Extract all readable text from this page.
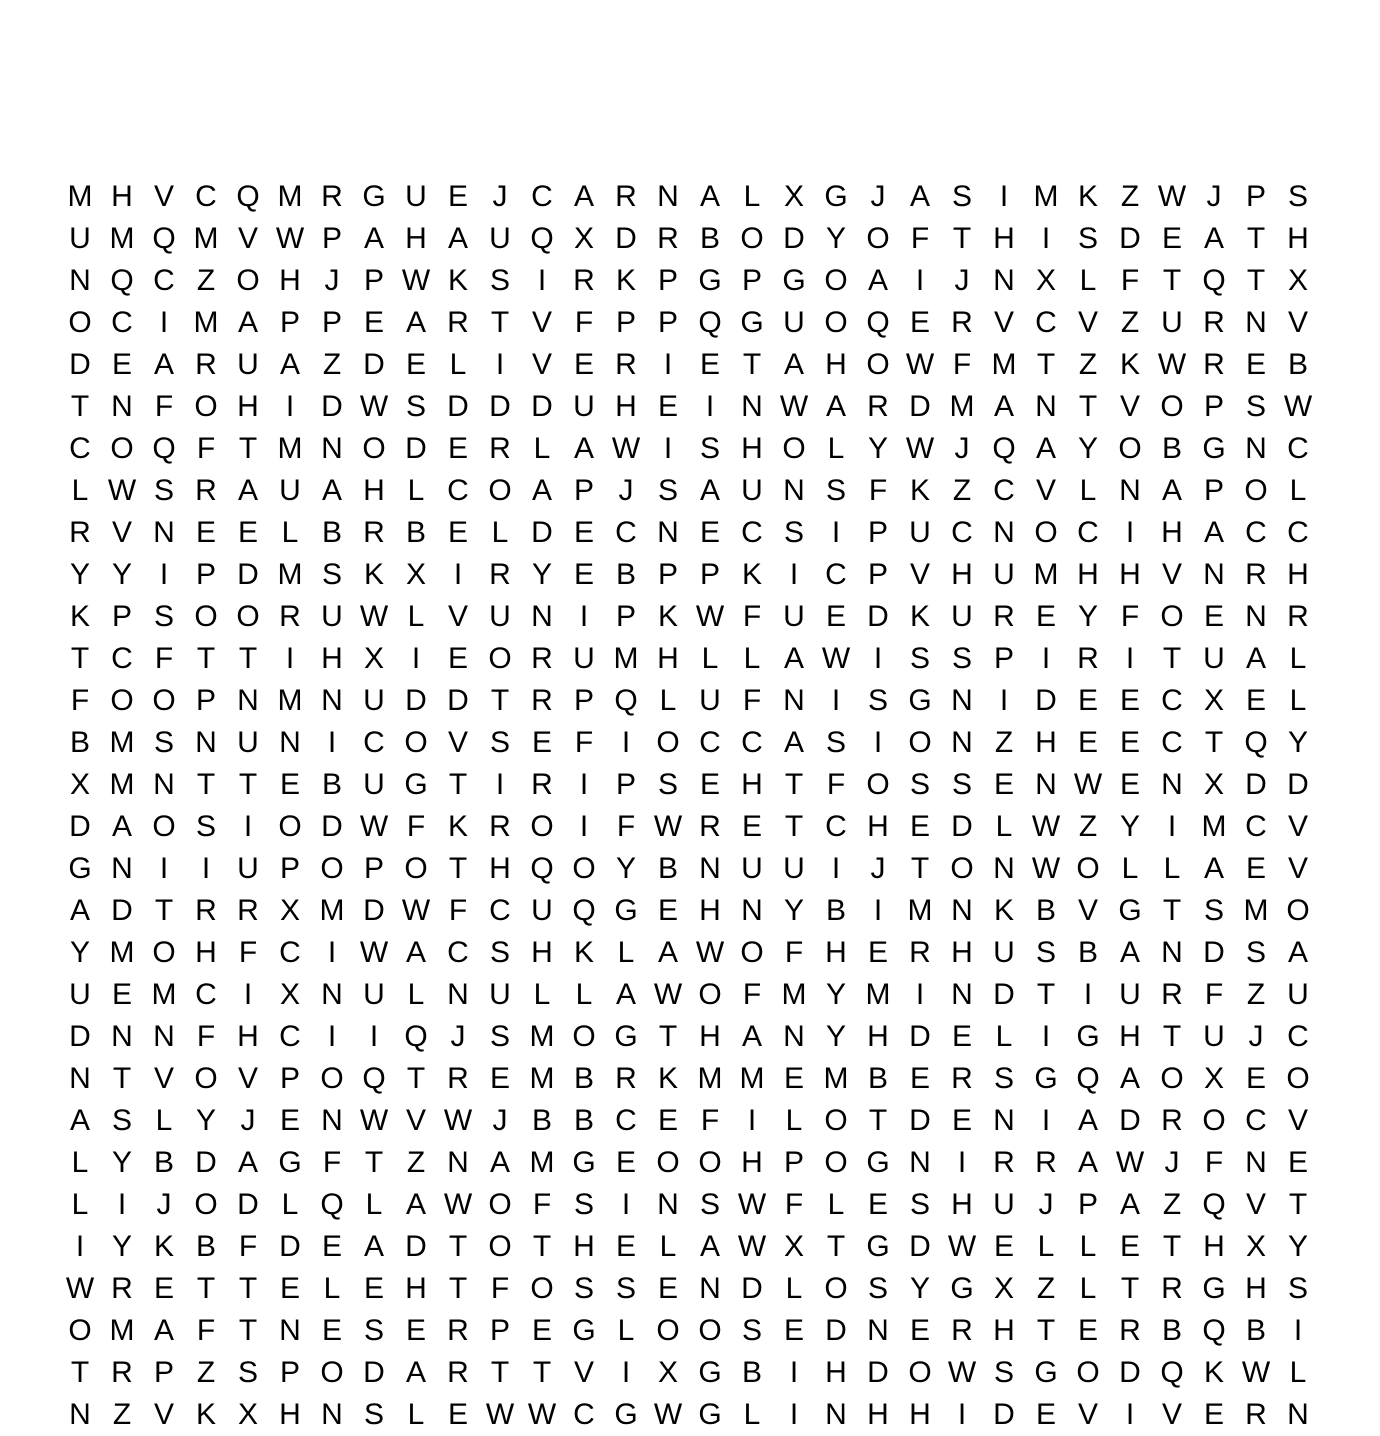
M H V C Q M R G U E J C A R N A L X G J A S I M K Z W J P S
U M Q M V W P A H A U Q X D R B O D Y O F T H I S D E A T H
N Q C Z O H J P W K S I R K P G P G O A I	J N X L F T Q T X
O C I M A P P E A R T V F P P Q G U O Q E R V C V Z U R N V
D E A R U A Z D E L I V E R I E T A H O W F M T Z K W R E B
T N F O H I D W S D D D U H E I N W A R D M A N T V O P S W
C O Q F T M N O D E R L A W I S H O L Y W J Q A Y O B G N C
L W S R A U A H L C O A P J S A U N S F K Z C V L N A P O L
R V N E E L B R B E L D E C N E C S I P U C N O C I H A C C
Y Y I P D M S K X I R Y E B P P K I C P V H U M H H V N R H
K P S O O R U W L V U N I P K W F U E D K U R E Y F O E N R
T C F T T I H X I E O R U M H L L A W I S S P I R I T U A L
F O O P N M N U D D T R P Q L U F N I S G N I D E E C X E L
B M S N U N I C O V S E F I O C C A S I O N Z H E E C T Q Y
X M N T T E B U G T I R I P S E H T F O S S E N W E N X D D
D A O S I O D W F K R O I F W R E T C H E D L W Z Y I M C V
G N I	I U P O P O T H Q O Y B N U U I	J T O N W O L L A E V
A D T R R X M D W F C U Q G E H N Y B I M N K B V G T S M O
Y M O H F C I W A C S H K L A W O F H E R H U S B A N D S A
U E M C I X N U L N U L L A W O F M Y M I N D T I U R F Z U
D N N F H C I	I Q J S M O G T H A N Y H D E L I G H T U J C
N T V O V P O Q T R E M B R K M M E M B E R S G Q A O X E O
A S L Y J E N W V W J B B C E F I L O T D E N I A D R O C V
L Y B D A G F T Z N A M G E O O H P O G N I R R A W J F N E
L I	J O D L Q L A W O F S I N S W F L E S H U J P A Z Q V T
I Y K B F D E A D T O T H E L A W X T G D W E L L E T H X Y
W R E T T E L E H T F O S S E N D L O S Y G X Z L T R G H S
O M A F T N E S E R P E G L O O S E D N E R H T E R B Q B I
T R P Z S P O D A R T T V I X G B I H D O W S G O D Q K W L
N Z V K X H N S L E W W C G W G L I N H H I D E V I V E R N
